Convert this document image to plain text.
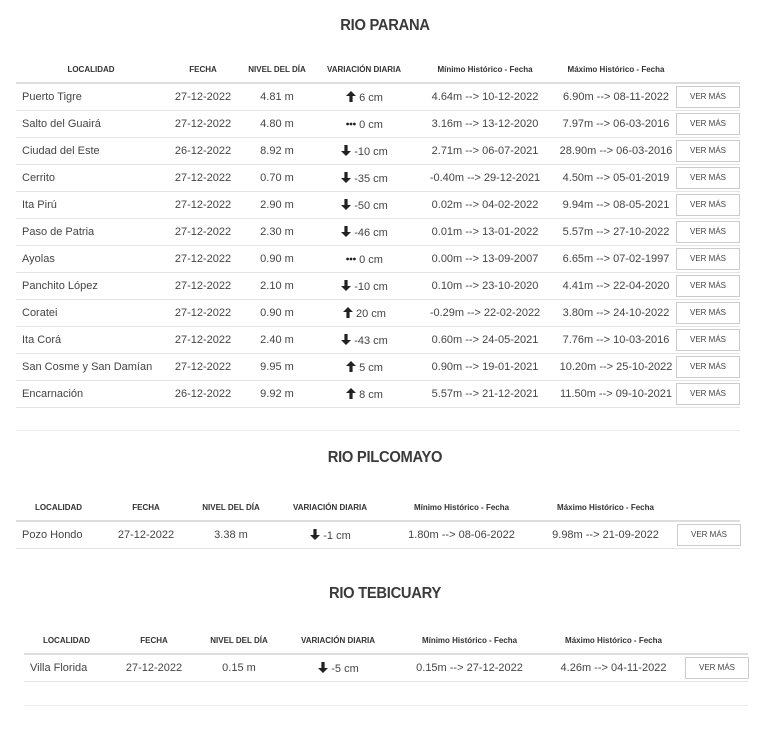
RIO PARANA
LOCALIDAD	FECHA	NIVEL DEL DÍA	VARIACIÓN DIARIA	Mínimo Histórico - Fecha	Máximo Histórico - Fecha	
Puerto Tigre	27-12-2022	4.81 m	6 cm	4.64m --> 10-12-2022	6.90m --> 08-11-2022	VER MÁS
Salto del Guairá	27-12-2022	4.80 m	0 cm	3.16m --> 13-12-2020	7.97m --> 06-03-2016	VER MÁS
Ciudad del Este	26-12-2022	8.92 m	-10 cm	2.71m --> 06-07-2021	28.90m --> 06-03-2016	VER MÁS
Cerrito	27-12-2022	0.70 m	-35 cm	-0.40m --> 29-12-2021	4.50m --> 05-01-2019	VER MÁS
Ita Pirú	27-12-2022	2.90 m	-50 cm	0.02m --> 04-02-2022	9.94m --> 08-05-2021	VER MÁS
Paso de Patria	27-12-2022	2.30 m	-46 cm	0.01m --> 13-01-2022	5.57m --> 27-10-2022	VER MÁS
Ayolas	27-12-2022	0.90 m	0 cm	0.00m --> 13-09-2007	6.65m --> 07-02-1997	VER MÁS
Panchito López	27-12-2022	2.10 m	-10 cm	0.10m --> 23-10-2020	4.41m --> 22-04-2020	VER MÁS
Coratei	27-12-2022	0.90 m	20 cm	-0.29m --> 22-02-2022	3.80m --> 24-10-2022	VER MÁS
Ita Corá	27-12-2022	2.40 m	-43 cm	0.60m --> 24-05-2021	7.76m --> 10-03-2016	VER MÁS
San Cosme y San Damían	27-12-2022	9.95 m	5 cm	0.90m --> 19-01-2021	10.20m --> 25-10-2022	VER MÁS
Encarnación	26-12-2022	9.92 m	8 cm	5.57m --> 21-12-2021	11.50m --> 09-10-2021	VER MÁS
RIO PILCOMAYO
LOCALIDAD	FECHA	NIVEL DEL DÍA	VARIACIÓN DIARIA	Mínimo Histórico - Fecha	Máximo Histórico - Fecha	
Pozo Hondo	27-12-2022	3.38 m	-1 cm	1.80m --> 08-06-2022	9.98m --> 21-09-2022	VER MÁS
RIO TEBICUARY
LOCALIDAD	FECHA	NIVEL DEL DÍA	VARIACIÓN DIARIA	Mínimo Histórico - Fecha	Máximo Histórico - Fecha	
Villa Florida	27-12-2022	0.15 m	-5 cm	0.15m --> 27-12-2022	4.26m --> 04-11-2022	VER MÁS
